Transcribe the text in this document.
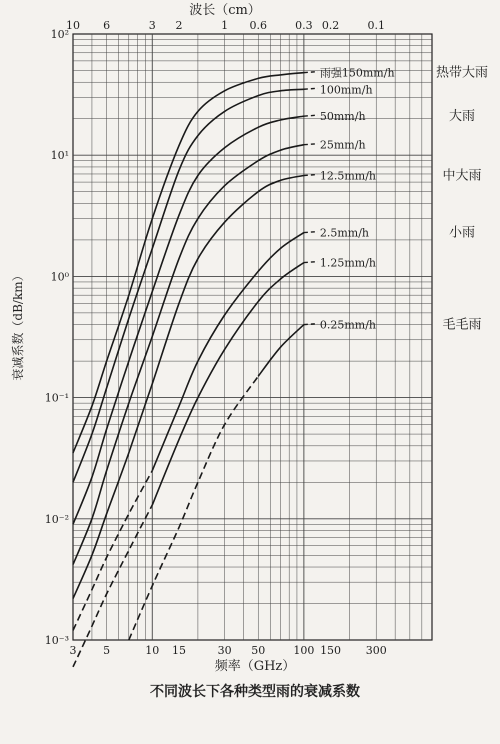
雨强150mm/h	热带大雨
100mm/h
50mm/h	大雨
25mm/h
12.5mm/h	中大雨
2.5mm/h	小雨
1.25mm/h
0.25mm/h	毛毛雨
3 5	10 15	30 50	100 150 300
10 6	3 2	1 0.6	0.3 0.2	0.1
10²
10¹
10⁰
10⁻¹
10⁻²
10⁻³
波长（cm）
频率（GHz）
衰减系数（dB/km）
不同波长下各种类型雨的衰减系数
